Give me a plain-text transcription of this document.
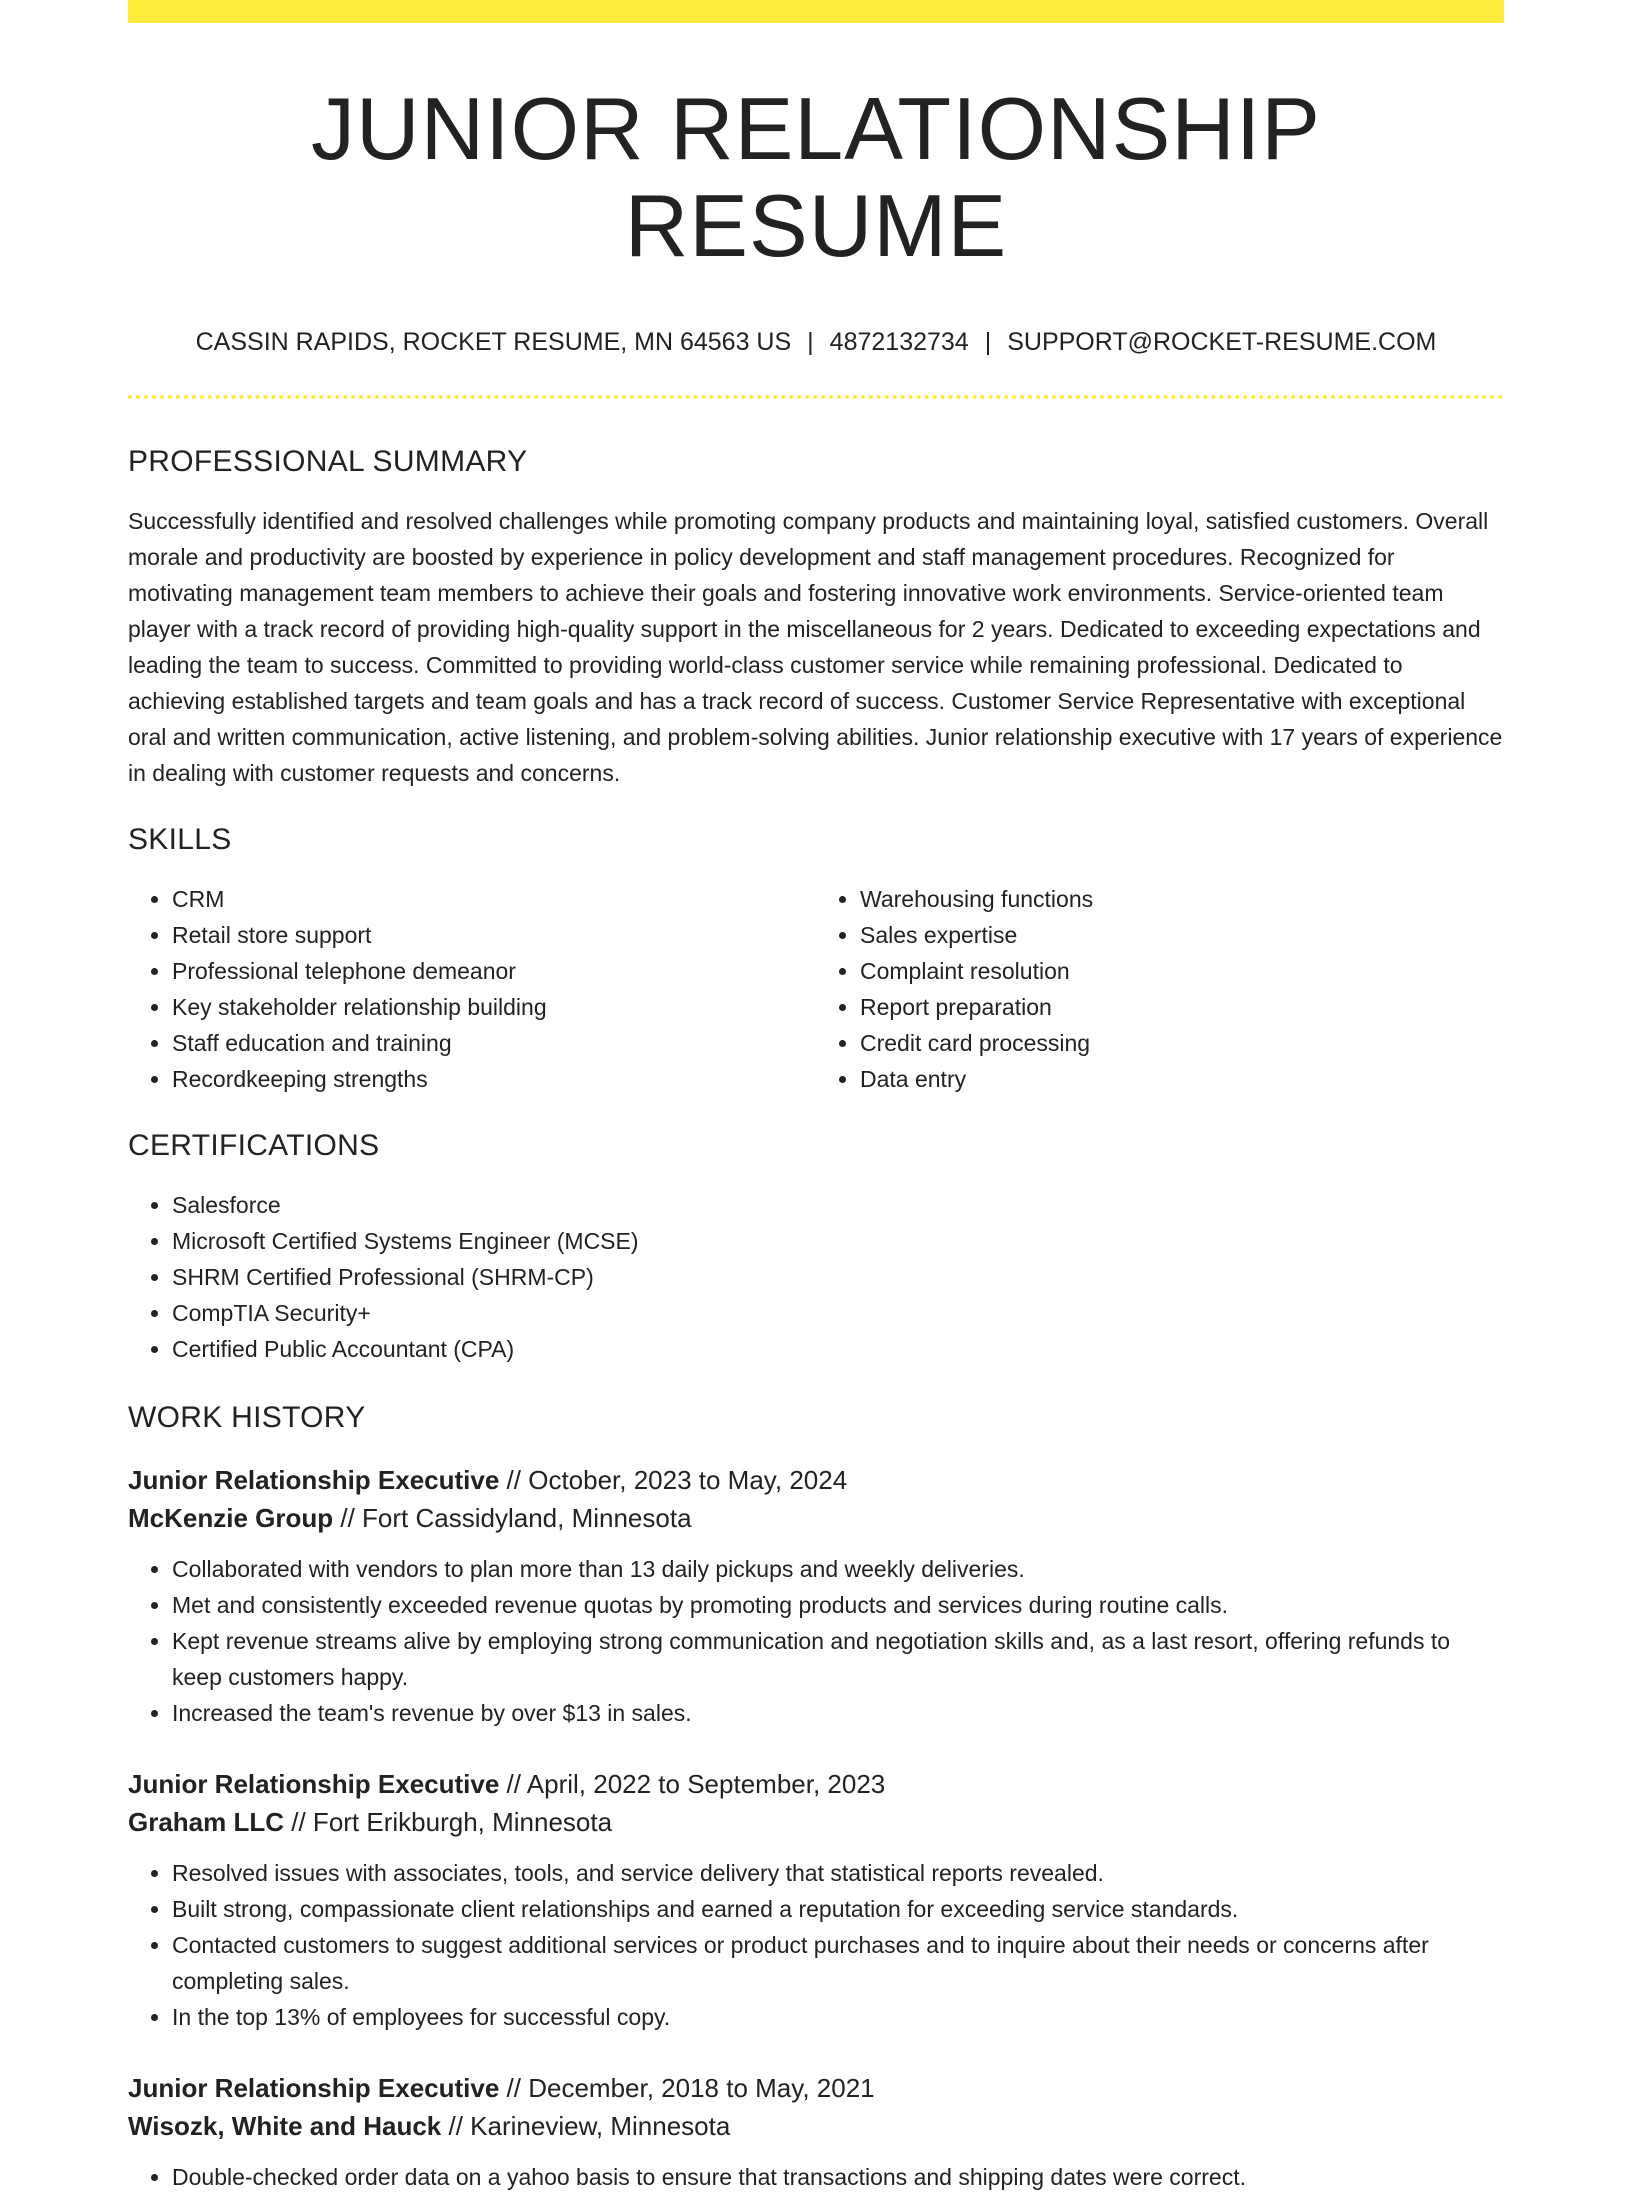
JUNIOR RELATIONSHIP RESUME
CASSIN RAPIDS, ROCKET RESUME, MN 64563 US | 4872132734 | SUPPORT@ROCKET-RESUME.COM
PROFESSIONAL SUMMARY

Successfully identified and resolved challenges while promoting company products and maintaining loyal, satisfied customers. Overall morale and productivity are boosted by experience in policy development and staff management procedures. Recognized for motivating management team members to achieve their goals and fostering innovative work environments. Service-oriented team player with a track record of providing high-quality support in the miscellaneous for 2 years. Dedicated to exceeding expectations and leading the team to success. Committed to providing world-class customer service while remaining professional. Dedicated to achieving established targets and team goals and has a track record of success. Customer Service Representative with exceptional oral and written communication, active listening, and problem-solving abilities. Junior relationship executive with 17 years of experience in dealing with customer requests and concerns.

SKILLS
• CRM
• Retail store support
• Professional telephone demeanor
• Key stakeholder relationship building
• Staff education and training
• Recordkeeping strengths
• Warehousing functions
• Sales expertise
• Complaint resolution
• Report preparation
• Credit card processing
• Data entry
CERTIFICATIONS
• Salesforce
• Microsoft Certified Systems Engineer (MCSE)
• SHRM Certified Professional (SHRM-CP)
• CompTIA Security+
• Certified Public Accountant (CPA)
WORK HISTORY
Junior Relationship Executive // October, 2023 to May, 2024
McKenzie Group // Fort Cassidyland, Minnesota
• Collaborated with vendors to plan more than 13 daily pickups and weekly deliveries.
• Met and consistently exceeded revenue quotas by promoting products and services during routine calls.
• Kept revenue streams alive by employing strong communication and negotiation skills and, as a last resort, offering refunds to keep customers happy.
• Increased the team's revenue by over $13 in sales.
Junior Relationship Executive // April, 2022 to September, 2023
Graham LLC // Fort Erikburgh, Minnesota
• Resolved issues with associates, tools, and service delivery that statistical reports revealed.
• Built strong, compassionate client relationships and earned a reputation for exceeding service standards.
• Contacted customers to suggest additional services or product purchases and to inquire about their needs or concerns after completing sales.
• In the top 13% of employees for successful copy.
Junior Relationship Executive // December, 2018 to May, 2021
Wisozk, White and Hauck // Karineview, Minnesota
• Double-checked order data on a yahoo basis to ensure that transactions and shipping dates were correct.
